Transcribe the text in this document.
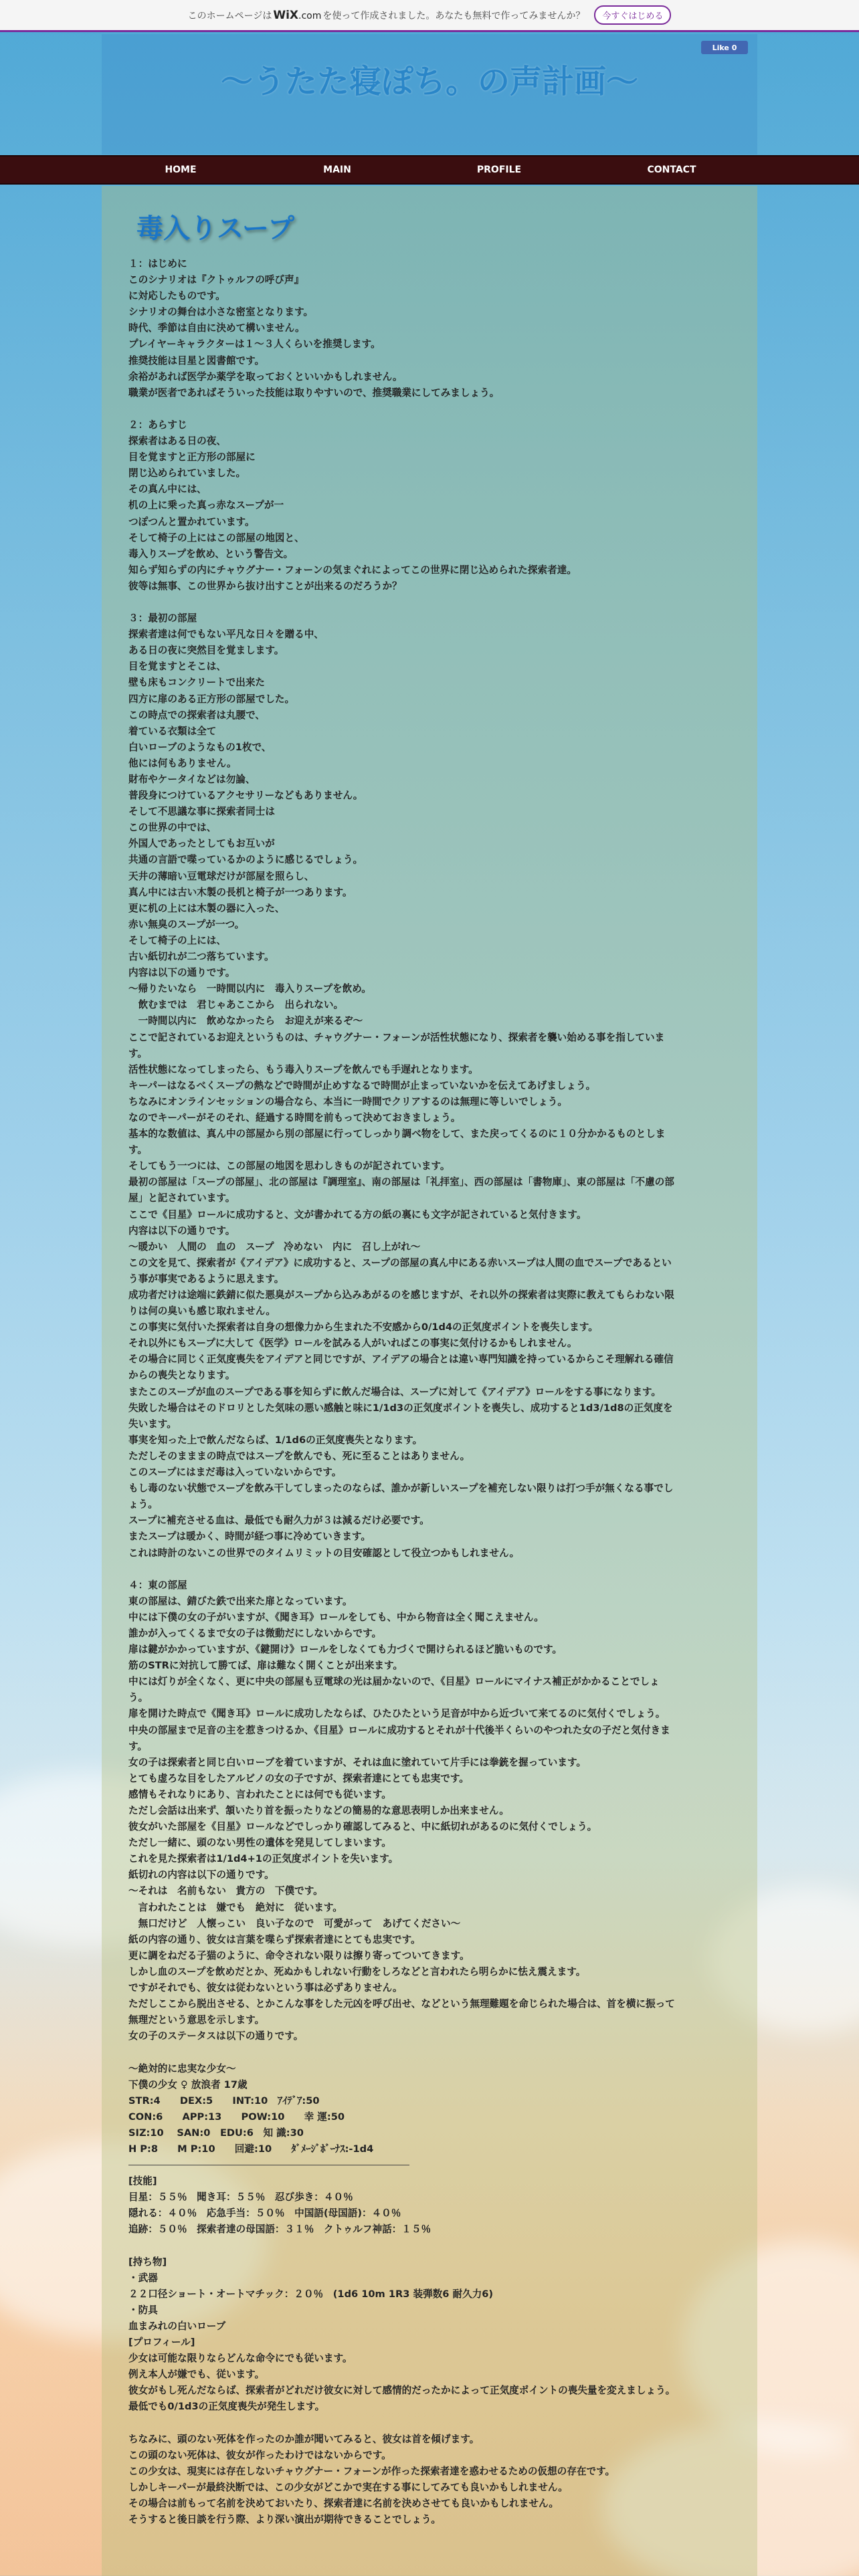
このホームページは WiX.com を使って作成されました。あなたも無料で作ってみませんか？	今すぐはじめる
Like 0
～うたた寝ぽち。の声計画～
HOME	MAIN	PROFILE	CONTACT
毒入りスープ
１：はじめに
このシナリオは『クトゥルフの呼び声』
に対応したものです。
シナリオの舞台は小さな密室となります。
時代、季節は自由に決めて構いません。
プレイヤーキャラクターは１～３人くらいを推奨します。
推奨技能は目星と図書館です。
余裕があれば医学か薬学を取っておくといいかもしれません。
職業が医者であればそういった技能は取りやすいので、推奨職業にしてみましょう。
２：あらすじ
探索者はある日の夜、
目を覚ますと正方形の部屋に
閉じ込められていました。
その真ん中には、
机の上に乗った真っ赤なスープが一
つぽつんと置かれています。
そして椅子の上にはこの部屋の地図と、
毒入りスープを飲め、という警告文。
知らず知らずの内にチャウグナー・フォーンの気まぐれによってこの世界に閉じ込められた探索者達。
彼等は無事、この世界から抜け出すことが出来るのだろうか？
３：最初の部屋
探索者達は何でもない平凡な日々を贈る中、
ある日の夜に突然目を覚まします。
目を覚ますとそこは、
壁も床もコンクリートで出来た
四方に扉のある正方形の部屋でした。
この時点での探索者は丸腰で、
着ている衣類は全て
白いローブのようなもの1枚で、
他には何もありません。
財布やケータイなどは勿論、
普段身につけているアクセサリーなどもありません。
そして不思議な事に探索者同士は
この世界の中では、
外国人であったとしてもお互いが
共通の言語で喋っているかのように感じるでしょう。
天井の薄暗い豆電球だけが部屋を照らし、
真ん中には古い木製の長机と椅子が一つあります。
更に机の上には木製の器に入った、
赤い無臭のスープが一つ。
そして椅子の上には、
古い紙切れが二つ落ちています。
内容は以下の通りです。
～帰りたいなら　一時間以内に　毒入りスープを飲め。
　飲むまでは　君じゃあここから　出られない。
　一時間以内に　飲めなかったら　お迎えが来るぞ～
ここで記されているお迎えというものは、チャウグナー・フォーンが活性状態になり、探索者を襲い始める事を指しています。
活性状態になってしまったら、もう毒入りスープを飲んでも手遅れとなります。
キーパーはなるべくスープの熱などで時間が止めすなるで時間が止まっていないかを伝えてあげましょう。
ちなみにオンラインセッションの場合なら、本当に一時間でクリアするのは無理に等しいでしょう。
なのでキーパーがそのそれ、経過する時間を前もって決めておきましょう。
基本的な数値は、真ん中の部屋から別の部屋に行ってしっかり調べ物をして、また戻ってくるのに１０分かかるものとします。
そしてもう一つには、この部屋の地図を思わしきものが記されています。
最初の部屋は「スープの部屋」、北の部屋は『調理室』、南の部屋は「礼拝室」、西の部屋は「書物庫」、東の部屋は「不慮の部屋」と記されています。
ここで《目星》ロールに成功すると、文が書かれてる方の紙の裏にも文字が記されていると気付きます。
内容は以下の通りです。
～暖かい　人間の　血の　スープ　冷めない　内に　召し上がれ～
この文を見て、探索者が《アイデア》に成功すると、スープの部屋の真ん中にある赤いスープは人間の血でスープであるという事が事実であるように思えます。
成功者だけは途端に鉄錆に似た悪臭がスープから込みあがるのを感じますが、それ以外の探索者は実際に教えてもらわない限りは何の臭いも感じ取れません。
この事実に気付いた探索者は自身の想像力から生まれた不安感から0/1d4の正気度ポイントを喪失します。
それ以外にもスープに大して《医学》ロールを試みる人がいればこの事実に気付けるかもしれません。
その場合に同じく正気度喪失をアイデアと同じですが、アイデアの場合とは違い専門知識を持っているからこそ理解れる確信からの喪失となります。
またこのスープが血のスープである事を知らずに飲んだ場合は、スープに対して《アイデア》ロールをする事になります。
失敗した場合はそのドロリとした気味の悪い感触と味に1/1d3の正気度ポイントを喪失し、成功すると1d3/1d8の正気度を失います。
事実を知った上で飲んだならば、1/1d6の正気度喪失となります。
ただしそのまままの時点ではスープを飲んでも、死に至ることはありません。
このスープにはまだ毒は入っていないからです。
もし毒のない状態でスープを飲み干してしまったのならば、誰かが新しいスープを補充しない限りは打つ手が無くなる事でしょう。
スープに補充させる血は、最低でも耐久力が３は減るだけ必要です。
またスープは暖かく、時間が経つ事に冷めていきます。
これは時計のないこの世界でのタイムリミットの目安確認として役立つかもしれません。
４：東の部屋
東の部屋は、錆びた鉄で出来た扉となっています。
中には下僕の女の子がいますが、《聞き耳》ロールをしても、中から物音は全く聞こえません。
誰かが入ってくるまで女の子は微動だにしないからです。
扉は鍵がかかっていますが、《鍵開け》ロールをしなくても力づくで開けられるほど脆いものです。
筋のSTRに対抗して勝てば、扉は難なく開くことが出来ます。
中には灯りが全くなく、更に中央の部屋も豆電球の光は届かないので、《目星》ロールにマイナス補正がかかることでしょう。
扉を開けた時点で《聞き耳》ロールに成功したならば、ひたひたという足音が中から近づいて来てるのに気付くでしょう。
中央の部屋まで足音の主を惹きつけるか、《目星》ロールに成功するとそれが十代後半くらいのやつれた女の子だと気付きます。
女の子は探索者と同じ白いローブを着ていますが、それは血に塗れていて片手には拳銃を握っています。
とても虚ろな目をしたアルビノの女の子ですが、探索者達にとても忠実です。
感情もそれなりにあり、言われたことには何でも従います。
ただし会話は出来ず、頷いたり首を振ったりなどの簡易的な意思表明しか出来ません。
彼女がいた部屋を《目星》ロールなどでしっかり確認してみると、中に紙切れがあるのに気付くでしょう。
ただし一緒に、頭のない男性の遺体を発見してしまいます。
これを見た探索者は1/1d4+1の正気度ポイントを失います。
紙切れの内容は以下の通りです。
～それは　名前もない　貴方の　下僕です。
　言われたことは　嫌でも　絶対に　従います。
　無口だけど　人懐っこい　良い子なので　可愛がって　あげてください～
紙の内容の通り、彼女は言葉を喋らず探索者達にとても忠実です。
更に調をねだる子猫のように、命令されない限りは擦り寄ってついてきます。
しかし血のスープを飲めだとか、死ぬかもしれない行動をしろなどと言われたら明らかに怯え震えます。
ですがそれでも、彼女は従わないという事は必ずありません。
ただしここから脱出させる、とかこんな事をした元凶を呼び出せ、などという無理難題を命じられた場合は、首を横に振って無理だという意思を示します。
女の子のステータスは以下の通りです。
～絶対的に忠実な少女～
下僕の少女 ♀ 放浪者 17歳
STR:4　　DEX:5　　INT:10　ｱｲﾃﾞｱ:50
CON:6　　APP:13　　POW:10　　幸 運:50
SIZ:10　 SAN:0　EDU:6　知 識:30
H P:8　　M P:10　　回避:10　　ﾀﾞﾒｰｼﾞﾎﾞｰﾅｽ:-1d4
[技能]
目星：５５％　聞き耳：５５％　忍び歩き：４０％
隠れる：４０％　応急手当：５０％　中国語(母国語)：４０％
追跡：５０％　探索者達の母国語：３１％　クトゥルフ神話：１５％
[持ち物]
・武器
２２口径ショート・オートマチック：２０％　(1d6 10m 1R3 装弾数6 耐久力6)
・防具
血まみれの白いローブ
[プロフィール]
少女は可能な限りならどんな命令にでも従います。
例え本人が嫌でも、従います。
彼女がもし死んだならば、探索者がどれだけ彼女に対して感情的だったかによって正気度ポイントの喪失量を変えましょう。
最低でも0/1d3の正気度喪失が発生します。
ちなみに、頭のない死体を作ったのか誰が聞いてみると、彼女は首を傾げます。
この頭のない死体は、彼女が作ったわけではないからです。
この少女は、現実には存在しないチャウグナー・フォーンが作った探索者達を惑わせるための仮想の存在です。
しかしキーパーが最終決断では、この少女がどこかで実在する事にしてみても良いかもしれません。
その場合は前もって名前を決めておいたり、探索者達に名前を決めさせても良いかもしれません。
そうすると後日談を行う際、より深い演出が期待できることでしょう。
